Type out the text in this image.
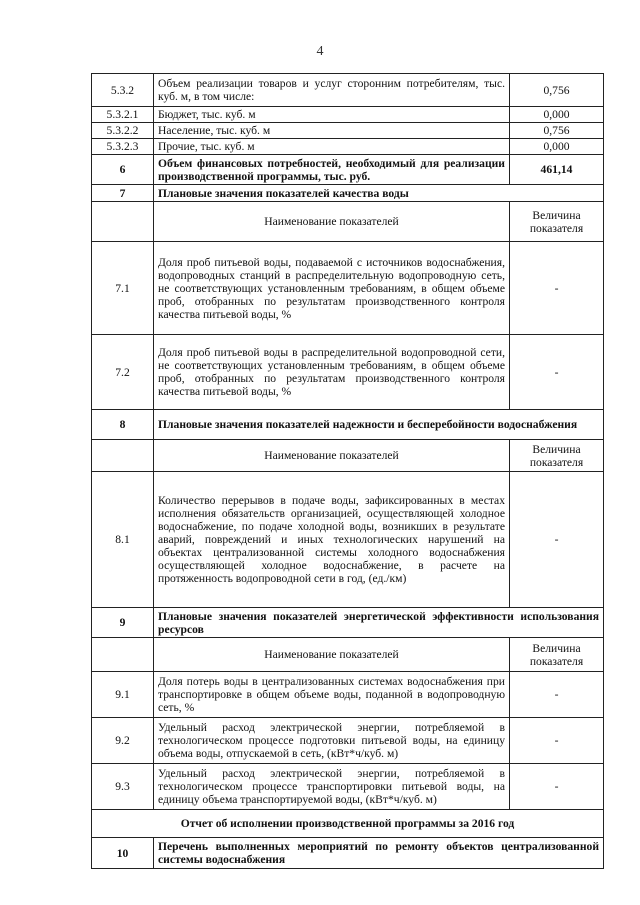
4
5.3.2	Объем реализации товаров и услуг сторонним потребителям, тыс. куб. м, в том числе:	0,756
5.3.2.1	Бюджет, тыс. куб. м	0,000
5.3.2.2	Население, тыс. куб. м	0,756
5.3.2.3	Прочие, тыс. куб. м	0,000
6	Объем финансовых потребностей, необходимый для реализации производственной программы, тыс. руб.	461,14
7	Плановые значения показателей качества воды	
	Наименование показателей	Величина показателя
7.1	Доля проб питьевой воды, подаваемой с источников водоснабжения, водопроводных станций в распределительную водопроводную сеть, не соответствующих установленным требованиям, в общем объеме проб, отобранных по результатам производственного контроля качества питьевой воды, %	-
7.2	Доля проб питьевой воды в распределительной водопроводной сети, не соответствующих установленным требованиям, в общем объеме проб, отобранных по результатам производственного контроля качества питьевой воды, %	-
8	Плановые значения показателей надежности и бесперебойности водоснабжения	
	Наименование показателей	Величина показателя
8.1	Количество перерывов в подаче воды, зафиксированных в местах исполнения обязательств организацией, осуществляющей холодное водоснабжение, по подаче холодной воды, возникших в результате аварий, повреждений и иных технологических нарушений на объектах централизованной системы холодного водоснабжения осуществляющей холодное водоснабжение, в расчете на протяженность водопроводной сети в год, (ед./км)	-
9	Плановые значения показателей энергетической эффективности использования ресурсов	
	Наименование показателей	Величина показателя
9.1	Доля потерь воды в централизованных системах водоснабжения при транспортировке в общем объеме воды, поданной в водопроводную сеть, %	-
9.2	Удельный расход электрической энергии, потребляемой в технологическом процессе подготовки питьевой воды, на единицу объема воды, отпускаемой в сеть, (кВт*ч/куб. м)	-
9.3	Удельный расход электрической энергии, потребляемой в технологическом процессе транспортировки питьевой воды, на единицу объема транспортируемой воды, (кВт*ч/куб. м)	-
Отчет об исполнении производственной программы за 2016 год		
10	Перечень выполненных мероприятий по ремонту объектов централизованной системы водоснабжения	
